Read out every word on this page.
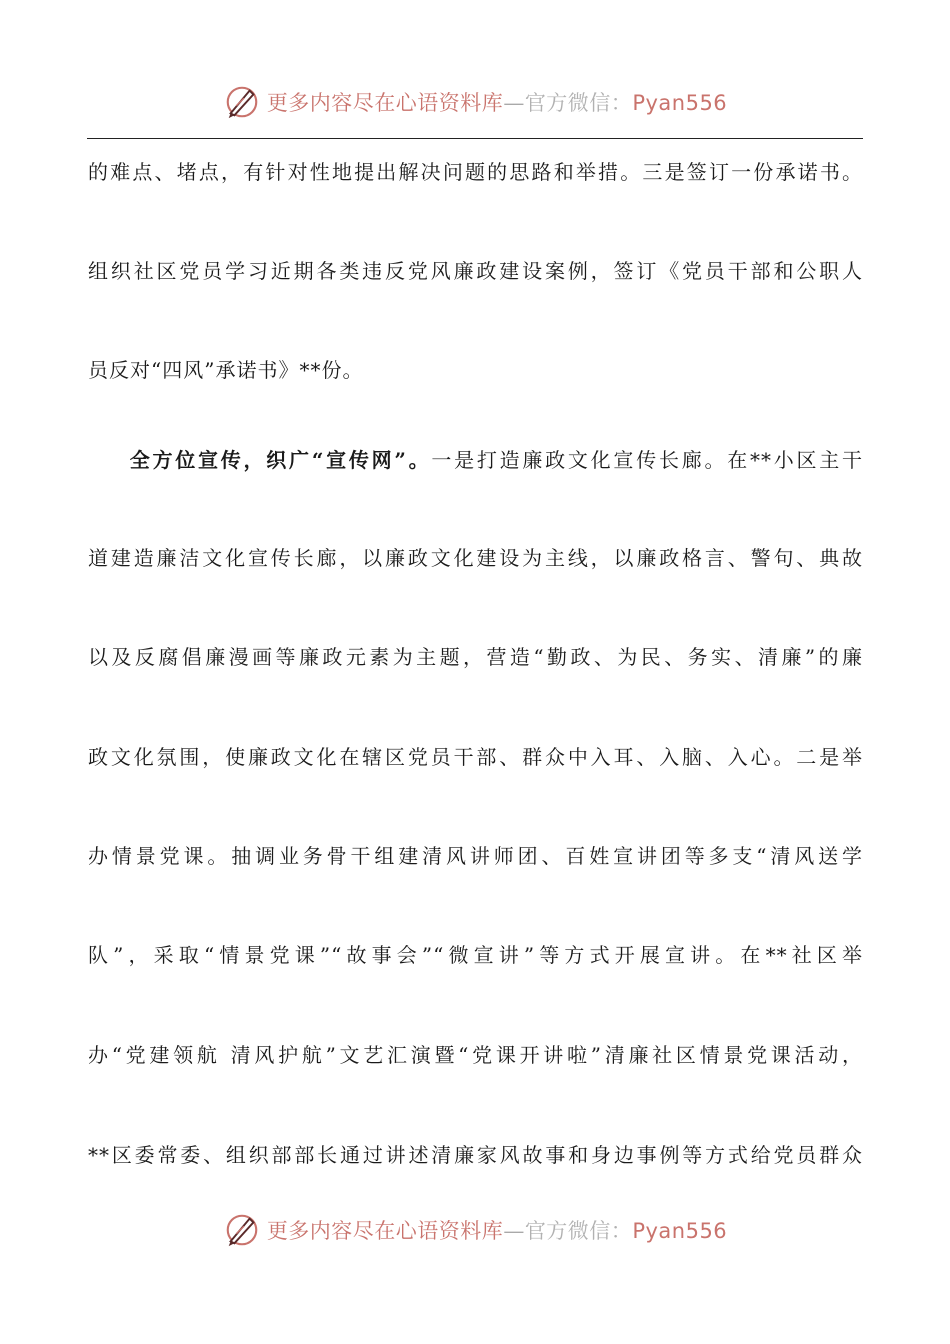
更多内容尽在心语资料库—官方微信：Pyan556
的难点、堵点，有针对性地提出解决问题的思路和举措。三是签订一份承诺书。
组织社区党员学习近期各类违反党风廉政建设案例，签订《党员干部和公职人
员反对“四风”承诺书》**份。
全方位宣传，织广“宣传网”。一是打造廉政文化宣传长廊。在**小区主干
道建造廉洁文化宣传长廊，以廉政文化建设为主线，以廉政格言、警句、典故
以及反腐倡廉漫画等廉政元素为主题，营造“勤政、为民、务实、清廉”的廉
政文化氛围，使廉政文化在辖区党员干部、群众中入耳、入脑、入心。二是举
办情景党课。抽调业务骨干组建清风讲师团、百姓宣讲团等多支“清风送学
队”，采取“情景党课”“故事会”“微宣讲”等方式开展宣讲。在**社区举
办“党建领航 清风护航”文艺汇演暨“党课开讲啦”清廉社区情景党课活动，
**区委常委、组织部部长通过讲述清廉家风故事和身边事例等方式给党员群众
更多内容尽在心语资料库—官方微信：Pyan556
